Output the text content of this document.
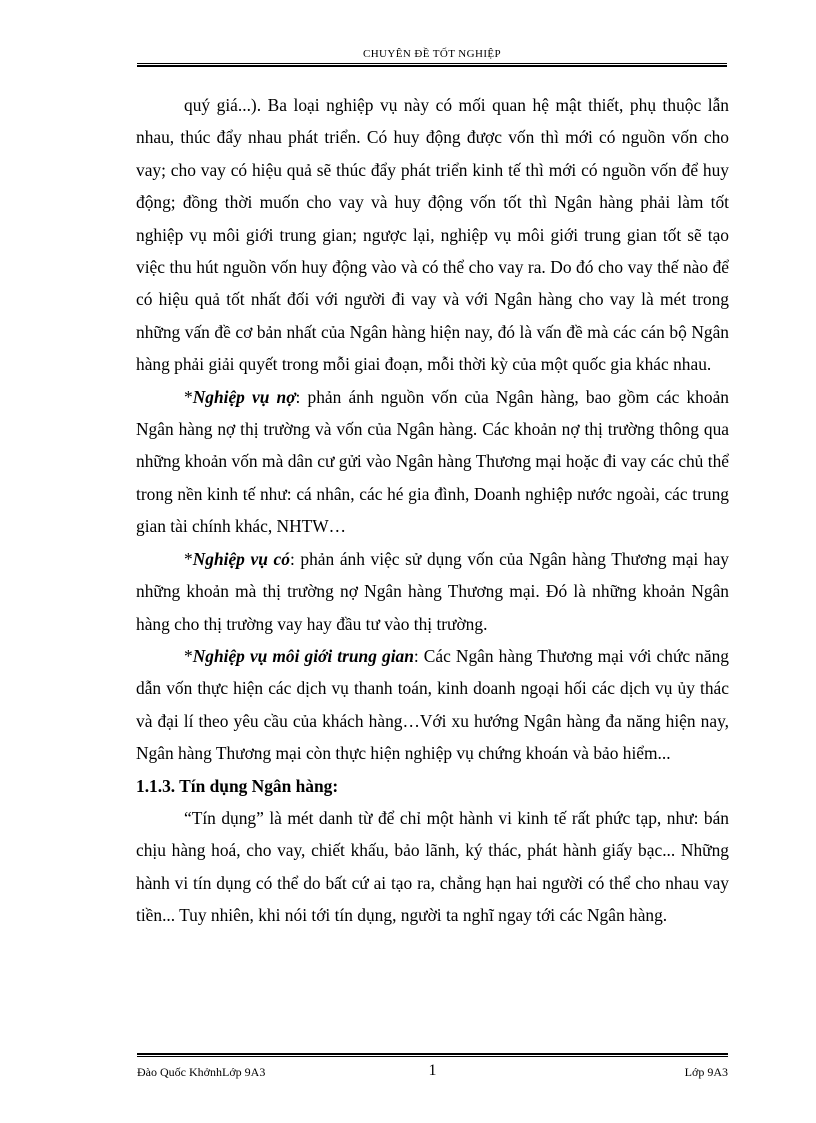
CHUYÊN ĐỀ TỐT NGHIỆP

quý giá...). Ba loại nghiệp vụ này có mối quan hệ mật thiết, phụ thuộc lẫn nhau, thúc đẩy nhau phát triển. Có huy động được vốn thì mới có nguồn vốn cho vay; cho vay có hiệu quả sẽ thúc đẩy phát triển kinh tế thì mới có nguồn vốn để huy động; đồng thời muốn cho vay và huy động vốn tốt thì Ngân hàng phải làm tốt nghiệp vụ môi giới trung gian; ngược lại, nghiệp vụ môi giới trung gian tốt sẽ tạo việc thu hút nguồn vốn huy động vào và có thể cho vay ra. Do đó cho vay thế nào để có hiệu quả tốt nhất đối với người đi vay và với Ngân hàng cho vay là mét trong những vấn đề cơ bản nhất của Ngân hàng hiện nay, đó là vấn đề mà các cán bộ Ngân hàng phải giải quyết trong mỗi giai đoạn, mỗi thời kỳ của một quốc gia khác nhau.

*Nghiệp vụ nợ: phản ánh nguồn vốn của Ngân hàng, bao gồm các khoản Ngân hàng nợ thị trường và vốn của Ngân hàng. Các khoản nợ thị trường thông qua những khoản vốn mà dân cư gửi vào Ngân hàng Thương mại hoặc đi vay các chủ thể trong nền kinh tế như: cá nhân, các hé gia đình, Doanh nghiệp nước ngoài, các trung gian tài chính khác, NHTW…

*Nghiệp vụ có: phản ánh việc sử dụng vốn của Ngân hàng Thương mại hay những khoản mà thị trường nợ Ngân hàng Thương mại. Đó là những khoản Ngân hàng cho thị trường vay hay đầu tư vào thị trường.

*Nghiệp vụ môi giới trung gian: Các Ngân hàng Thương mại với chức năng dẫn vốn thực hiện các dịch vụ thanh toán, kinh doanh ngoại hối các dịch vụ ủy thác và đại lí theo yêu cầu của khách hàng…Với xu hướng Ngân hàng đa năng hiện nay, Ngân hàng Thương mại còn thực hiện nghiệp vụ chứng khoán và bảo hiểm...

1.1.3. Tín dụng Ngân hàng:

“Tín dụng” là mét danh từ để chỉ một hành vi kinh tế rất phức tạp, như: bán chịu hàng hoá, cho vay, chiết khấu, bảo lãnh, ký thác, phát hành giấy bạc... Những hành vi tín dụng có thể do bất cứ ai tạo ra, chẳng hạn hai người có thể cho nhau vay tiền... Tuy nhiên, khi nói tới tín dụng, người ta nghĩ ngay tới các Ngân hàng.

Đào Quốc KhởnhLớp 9A3	1	Lớp 9A3
